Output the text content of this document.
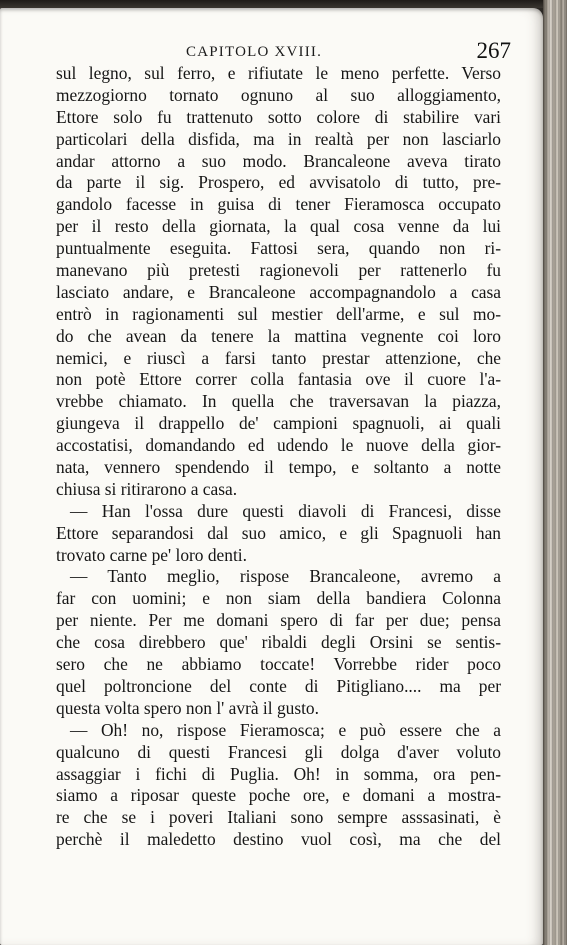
CAPITOLO XVIII.	267
sul legno, sul ferro, e rifiutate le meno perfette. Verso
mezzogiorno tornato ognuno al suo alloggiamento,
Ettore solo fu trattenuto sotto colore di stabilire vari
particolari della disfida, ma in realtà per non lasciarlo
andar attorno a suo modo. Brancaleone aveva tirato
da parte il sig. Prospero, ed avvisatolo di tutto, pre-
gandolo facesse in guisa di tener Fieramosca occupato
per il resto della giornata, la qual cosa venne da lui
puntualmente eseguita. Fattosi sera, quando non ri-
manevano più pretesti ragionevoli per rattenerlo fu
lasciato andare, e Brancaleone accompagnandolo a casa
entrò in ragionamenti sul mestier dell'arme, e sul mo-
do che avean da tenere la mattina vegnente coi loro
nemici, e riuscì a farsi tanto prestar attenzione, che
non potè Ettore correr colla fantasia ove il cuore l'a-
vrebbe chiamato. In quella che traversavan la piazza,
giungeva il drappello de' campioni spagnuoli, ai quali
accostatisi, domandando ed udendo le nuove della gior-
nata, vennero spendendo il tempo, e soltanto a notte
chiusa si ritirarono a casa.
— Han l'ossa dure questi diavoli di Francesi, disse
Ettore separandosi dal suo amico, e gli Spagnuoli han
trovato carne pe' loro denti.
— Tanto meglio, rispose Brancaleone, avremo a
far con uomini; e non siam della bandiera Colonna
per niente. Per me domani spero di far per due; pensa
che cosa direbbero que' ribaldi degli Orsini se sentis-
sero che ne abbiamo toccate! Vorrebbe rider poco
quel poltroncione del conte di Pitigliano.... ma per
questa volta spero non l' avrà il gusto.
— Oh! no, rispose Fieramosca; e può essere che a
qualcuno di questi Francesi gli dolga d'aver voluto
assaggiar i fichi di Puglia. Oh! in somma, ora pen-
siamo a riposar queste poche ore, e domani a mostra-
re che se i poveri Italiani sono sempre asssasinati, è
perchè il maledetto destino vuol così, ma che del
